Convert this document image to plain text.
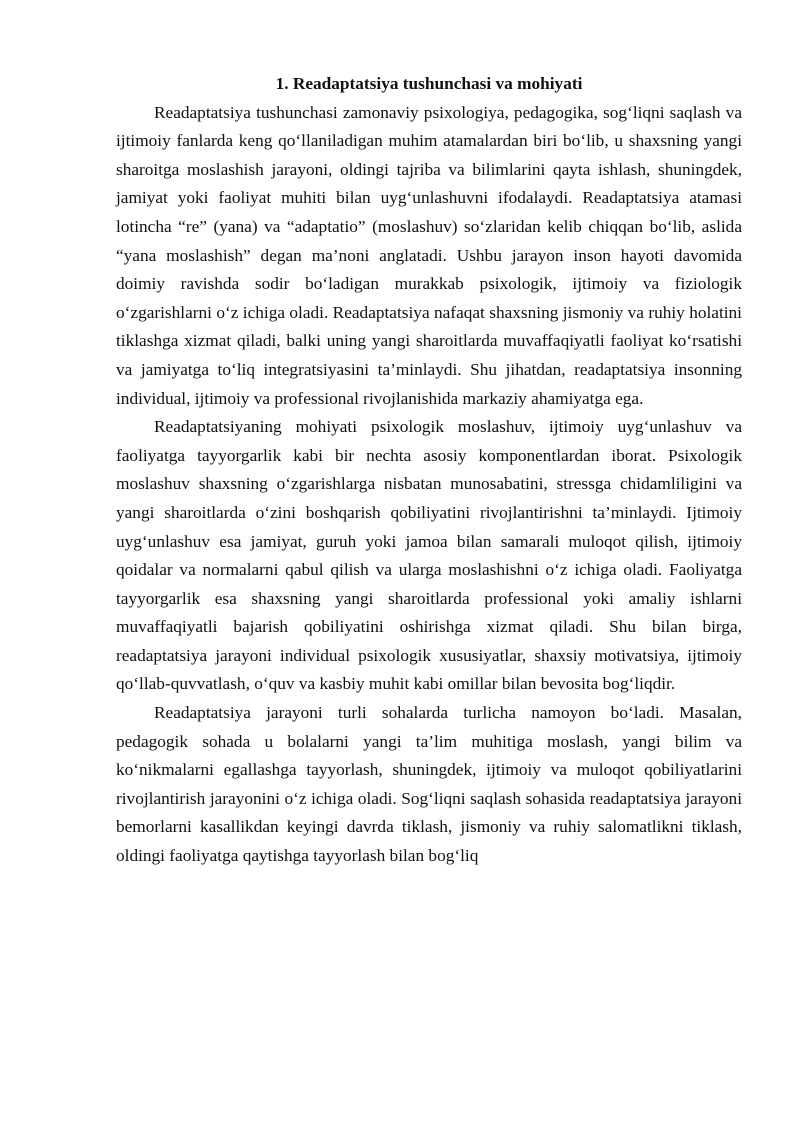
1. Readaptatsiya tushunchasi va mohiyati

Readaptatsiya tushunchasi zamonaviy psixologiya, pedagogika, sog‘liqni saqlash va ijtimoiy fanlarda keng qo‘llaniladigan muhim atamalardan biri bo‘lib, u shaxsning yangi sharoitga moslashish jarayoni, oldingi tajriba va bilimlarini qayta ishlash, shuningdek, jamiyat yoki faoliyat muhiti bilan uyg‘unlashuvni ifodalaydi. Readaptatsiya atamasi lotincha “re” (yana) va “adaptatio” (moslashuv) so‘zlaridan kelib chiqqan bo‘lib, aslida “yana moslashish” degan ma’noni anglatadi. Ushbu jarayon inson hayoti davomida doimiy ravishda sodir bo‘ladigan murakkab psixologik, ijtimoiy va fiziologik o‘zgarishlarni o‘z ichiga oladi. Readaptatsiya nafaqat shaxsning jismoniy va ruhiy holatini tiklashga xizmat qiladi, balki uning yangi sharoitlarda muvaffaqiyatli faoliyat ko‘rsatishi va jamiyatga to‘liq integratsiyasini ta’minlaydi. Shu jihatdan, readaptatsiya insonning individual, ijtimoiy va professional rivojlanishida markaziy ahamiyatga ega.

Readaptatsiyaning mohiyati psixologik moslashuv, ijtimoiy uyg‘unlashuv va faoliyatga tayyorgarlik kabi bir nechta asosiy komponentlardan iborat. Psixologik moslashuv shaxsning o‘zgarishlarga nisbatan munosabatini, stressga chidamliligini va yangi sharoitlarda o‘zini boshqarish qobiliyatini rivojlantirishni ta’minlaydi. Ijtimoiy uyg‘unlashuv esa jamiyat, guruh yoki jamoa bilan samarali muloqot qilish, ijtimoiy qoidalar va normalarni qabul qilish va ularga moslashishni o‘z ichiga oladi. Faoliyatga tayyorgarlik esa shaxsning yangi sharoitlarda professional yoki amaliy ishlarni muvaffaqiyatli bajarish qobiliyatini oshirishga xizmat qiladi. Shu bilan birga, readaptatsiya jarayoni individual psixologik xususiyatlar, shaxsiy motivatsiya, ijtimoiy qo‘llab-quvvatlash, o‘quv va kasbiy muhit kabi omillar bilan bevosita bog‘liqdir.

Readaptatsiya jarayoni turli sohalarda turlicha namoyon bo‘ladi. Masalan, pedagogik sohada u bolalarni yangi ta’lim muhitiga moslash, yangi bilim va ko‘nikmalarni egallashga tayyorlash, shuningdek, ijtimoiy va muloqot qobiliyatlarini rivojlantirish jarayonini o‘z ichiga oladi. Sog‘liqni saqlash sohasida readaptatsiya jarayoni bemorlarni kasallikdan keyingi davrda tiklash, jismoniy va ruhiy salomatlikni tiklash, oldingi faoliyatga qaytishga tayyorlash bilan bog‘liq
